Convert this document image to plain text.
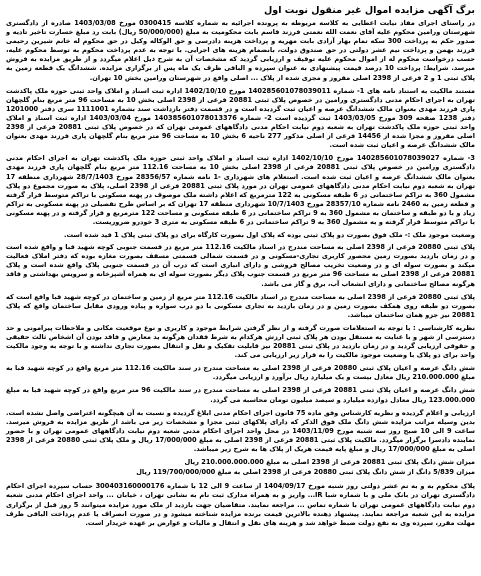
برگ آگهی مزایده اموال غیر منقول نوبت اول

در راستای اجرای مفاد نیابت اعطایی به کلاسه مربوطه به پرونده اجرائیه به شماره کلاسه 0300415 مورخ 1403/03/08 صادره از دادگستری شهرستان ورامین محکوم علیه آقای نعمت الله نعمتی فرزند قاسم بابت محکومیت به مبلغ (50/000/000 ریال) بابت رد مبلغ خسارت تاخیر تادیه و صدور حکم به پرداخت 300 سکه تمام بهار آزادی بابت مهریه و پرداخت هزینه دادرسی و حق الوکاله وکیل در حق محکوم له خانم شیرین رحیمی فرزند بهمن و پرداخت نیم عشر دولتی در حق صندوق دولت، بانضمام هزینه های اجرایی. با توجه به عدم پرداخت محکوم به توسط محکوم علیه، حسب درخواست محکوم له از اموال محکوم علیه توقیف و ارزیابی گردید که مشخصات آن به شرح ذیل اعلام میگردد و از طریق مزایده به فروش میرسد. شرایط: پرداخت 10 درصد قیمت پیشنهادی به عنوان سپرده و الباقی ظرف یک ماه پس از برگزاری مزایده. ششدانگ یک قطعه زمین به پلاک ثبتی 1 و 2 فرعی از 2398 اصلی مفروز و مجزی شده از پلاک ... اصلی واقع در شهرستان ورامین بخش 10 تهران.

مستند مالکیت به استناد نامه های 1- شماره 140285601078039011 مورخ 1402/10/10 اداره ثبت اسناد و املاک واحد ثبتی حوزه ملک پاکدشت تهران به اجرای احکام مدنی دادگستری ورامین در خصوص پلاک ثبتی 20881 فرعی از 2398 اصلی بخش 10 به مساحت 96 متر مربع بنام گلچهان پاری فرزند مهدی بعنوان مالک ششدانگ عرصه و اعیان ثبت گردیده است و در قسمت دفتر بازداشت سند بشماره 1111001 سری دفتر 1201000 دفتر 1238 صفحه 309 مورخ 1403/03/05 ثبت گردیده است 2- شماره 140385601078013376 مورخ 1403/03/04 اداره ثبت اسناد و املاک واحد ثبتی حوزه ملک پاکدشت تهران به شعبه دوم نیابت احکام مدنی دادگاههای عمومی تهران که در خصوص پلاک ثبتی 20881 فرعی از 2398 اصلی مفروز و مجزا شده از 14456 فرعی از اصلی مذکور 277 ناحیه 6 بخش 10 به مساحت 96 متر مربع بنام گلچهان پاری فرزند مهدی بعنوان مالک ششدانگ عرصه و اعیان ثبت شده است.

3- شماره 140285601078039027 مورخ 1402/10/10 اداره ثبت اسناد و املاک واحد ثبتی حوزه ملک پاکدشت تهران به اجرای احکام مدنی دادگستری ورامین در خصوص پلاک ثبتی 20881 فرعی از 2398 اصلی بخش 10 به مساحت 112.16 متر مربع بنام گلچهان پاری فرزند مهدی بعنوان مالک ششدانگ عرصه و اعیان ثبت شده است. استعلام های شهرداری -1 نامه شماره 28356/57 مورخ 28/7/1403 شهرداری منطقه 17 تهران به شعبه دوم نیابت احکام مدنی دادگاههای عمومی تهران در مورد پلاک ثبتی 20881 فرعی از 2398 اصلی، پلاک به صورت مجموع دو پلاک مشمول 360 به تراکم ساختمانی در 6 طبقه مسکونی به 122 مترمربع که اعلام داشته ملک موصوف در پهنه مسکونی با تراکم متوسط قرار گرفته و قطعه زمین به 2460 نامه شماره 28357/10 مورخ 10/7/1403 شهرداری منطقه 17 تهران که بر اساس طرح تفصیلی در پهنه مسکونی به تراکم زیاد و با دو طبقه و ساختمان به مشمول 360 به 9 تراکم ساختمانی در 6 طبقه مسکونی و مساحت 122 مترمربع و قرار گرفته و در پهنه مسکونی با تراکم متوسط قرار گرفته و به مشمول 360 به 9 تراکم ساختمانی در 6 طبقه مسکونی به متری 3 خودرو ضروریست.

وضعیت موجود ملک :- ملک فوق بصورت دو پلاک ثبتی بوده که پلاک اول بصورت کارگاه برای دو پلاک ثبتی پلاک 1 قید شده است.

پلاک ثبتی 20880 فرعی از 2398 اصلی به مساحت مندرج در اسناد مالکیت 112.16 متر مربع در قسمت جنوبی کوچه شهید قبا و واقع شده است و در زمان بازدید بصورت زمین محصور کاربری تجاری-مسکونی و در قسمت شمالی قسمتی مسقف بصورت مغازه بوده که دفتر املاک فعالیت میکند و بصورت سوله ای و در وضعیت تخریب مصالح فروشی و دارای انباری است که درب آن در قسمت جنوبی پلاک واقع شده است و پلاک 20881 فرعی از 2398 اصلی به مساحت 96 متر مربع در قسمت جنوب پلاک دیگر بصورت سوله ای به همراه آشپزخانه و سرویس بهداشتی و فاقد هرگونه مصالح ساختمانی و دارای انشعاب آب، برق و گاز می باشد.

پلاک ثبتی 20880 فرعی از 2398 اصلی به مساحت مندرج در اسناد مالکیت 112.16 متر مربع از زمین و ساختمان در کوچه شهید قبا واقع است که بصورت دو طبقه روی همکف بصورت زمین و در زمان بازدید به تجاری مسکونی با دو درب سواره و پیاده ورودی مقابل ساختمان واقع که پلاک 20881 نیز جزو همان ساختمان میباشد.

نظریه کارشناسی : با توجه به استعلامات صورت گرفته و از نظر گرفتن شرایط موجود و کاربری و نوع موقعیت مکانی و ملاحظات پیرامونی و حد دسترسی از شهر و با عنایت به مستقل بودن هر پلاک ثبتی ارزش هرکدام به شرط فقدان هرگونه ید معارض و فاقد بودن آن اشخاص ثالث حقیقی و حقوقی ارزیابی گردید و در زمان بازدید در پلاک ثبتی 20881 نیز قابلیت تفکیک و نقل و انتقال بصورت تجاری نداشته و با توجه به وجود مالکیت واحد برای دو پلاک با وضعیت موجود مالکیت را به قرار زیر ارزیابی می کند.

شش دانگ عرصه و اعیان پلاک ثبتی 20880 فرعی از 2398 اصلی به مساحت مندرج در سند مالکیت 112.16 متر مربع واقع در کوچه شهید قبا به مبلغ 210.000.000 ریال معادل بیست و یک میلیارد ریال برآورد و ارزیابی میگردد.

شش دانگ عرصه و اعیان پلاک ثبتی 20881 فرعی از 2398 اصلی به مساحت مندرج در سند مالکیت 96 متر مربع واقع در کوچه شهید قبا به مبلغ 123.000.000 ریال معادل دوازده میلیارد و سیصد میلیون تومان محاسبه می گردد.

ارزیابی و اعلام گردیده و نظریه کارشناس وفق ماده 75 قانون اجرای احکام مدنی ابلاغ گردیده و نسبت به آن هیچگونه اعتراضی واصل نشده است. بدین وسیله مراتب مزایده شش دانگ ملک فوق الذکر که دارای پلاکهای ثبتی مجزا و مشخصات زیر می باشد از طریق مزایده به فروش میرسد. ساعت 9 الی 10 صبح روز سه شنبه مورخ 1403/11/09 در محل واحد اجرای احکام مدنی شعبه دوم نیابت دادگاههای عمومی تهران و با حضور نماینده دادسرا برگزار میگردد. مالکیت پلاک ثبتی 20881 فرعی از 2398 اصلی به مبلغ 17/000/000 ریال و ملک پلاک ثبتی 20880 فرعی از 2398 اصلی به مبلغ 17/000/000 ریال و مبلغ پایه قیمت هریک از پلاک ها به شرح زیر میباشد.

میزان شش دانگ پلاک ثبتی 20881 فرعی از 2398 اصلی به مبلغ 210.000.000.000 ریال
میزان 5/839 دانگ از شش دانگ پلاک ثبتی 20880 فرعی از 2398 اصلی به مبلغ 119/700/000/000 ریال

پلاک محکوم به و به تم عشر دولتی روز شنبه مورخ 1404/09/17 از ساعت 9 الی 12 با شماره 300403160000176 حساب سپرده اجرای احکام دادگستری تهران در بانک ملی و با شماره شبا IR... واریز و به همراه مدارک ثبت نام به نشانی تهران ، خیابان ... واحد اجرای احکام مدنی شعبه دوم نیابت دادگاههای عمومی تهران با شماره تماس ... مراجعه نمایند. متقاضیان جهت بازدید از ملک مورد مزایده میتوانند 5 روز قبل از برگزاری مزایده به این شعبه مراجعه نمایند. پیشنهاد دهنده بالاترین قیمت برنده مزایده شناخته میشود و در صورت انصراف یا عدم پرداخت الباقی ظرف مهلت مقرر، سپرده وی به نفع دولت ضبط خواهد شد و هزینه های نقل و انتقال و مالیات و عوارض بر عهده خریدار است.
